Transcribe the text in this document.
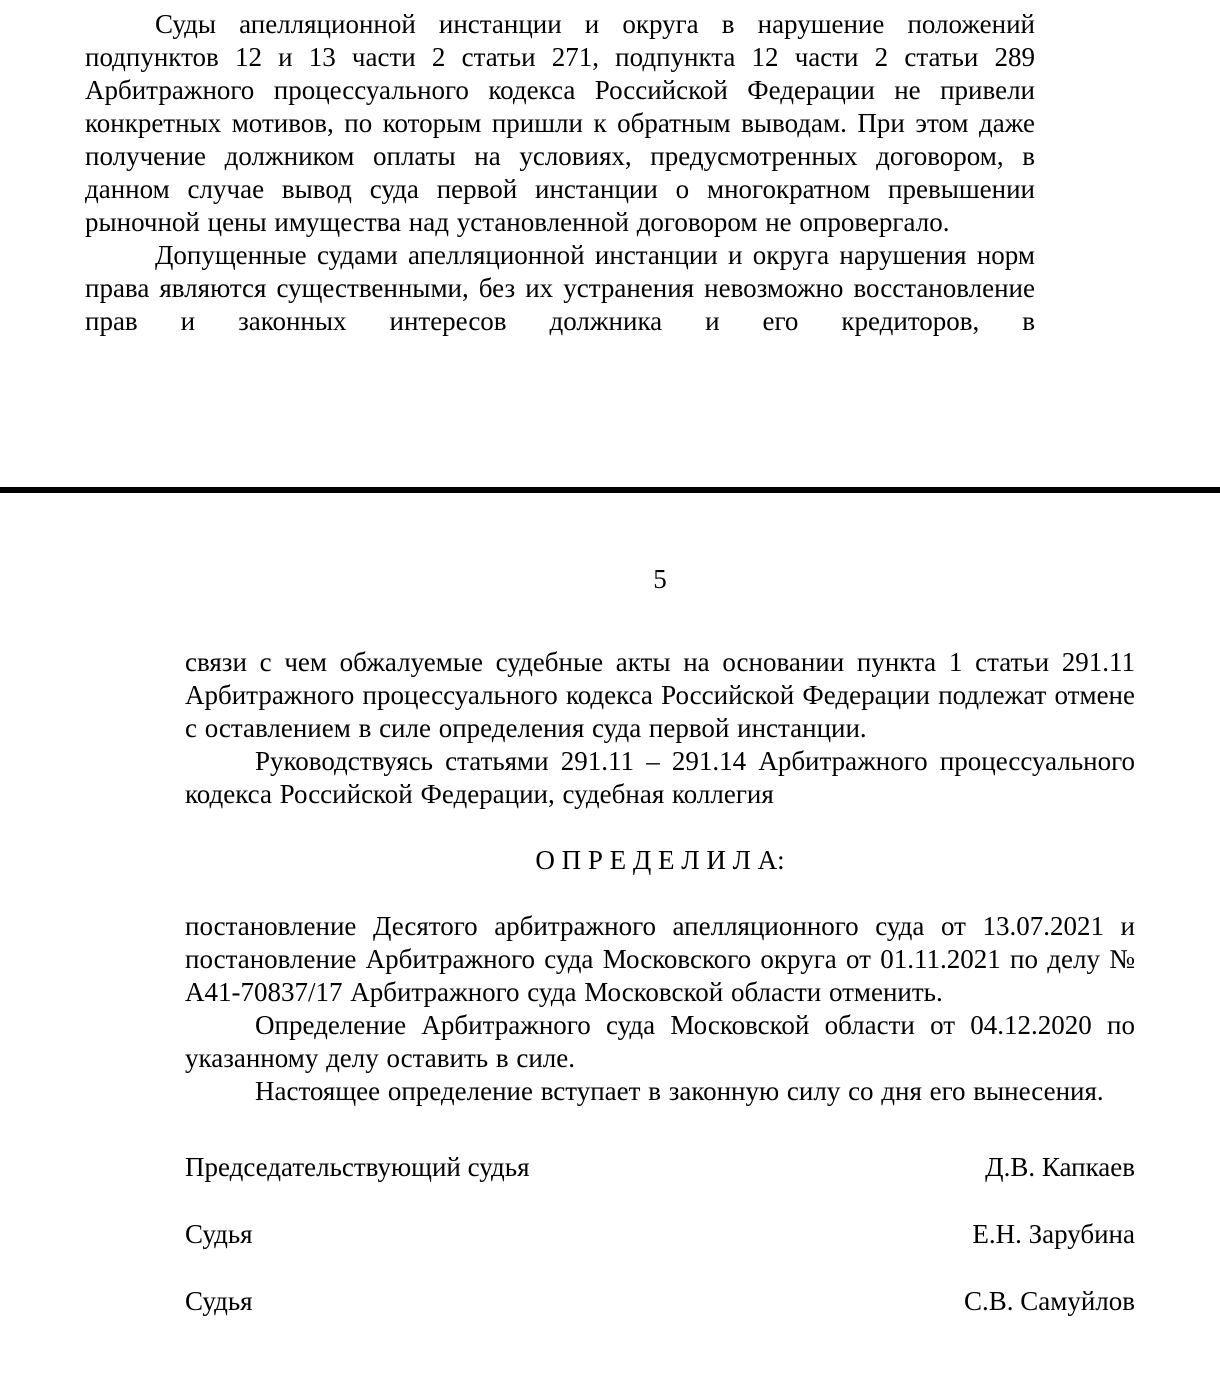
Суды апелляционной инстанции и округа в нарушение положений подпунктов 12 и 13 части 2 статьи 271, подпункта 12 части 2 статьи 289 Арбитражного процессуального кодекса Российской Федерации не привели конкретных мотивов, по которым пришли к обратным выводам. При этом даже получение должником оплаты на условиях, предусмотренных договором, в данном случае вывод суда первой инстанции о многократном превышении рыночной цены имущества над установленной договором не опровергало.

Допущенные судами апелляционной инстанции и округа нарушения норм права являются существенными, без их устранения невозможно восстановление прав и законных интересов должника и его кредиторов, в

5

связи с чем обжалуемые судебные акты на основании пункта 1 статьи 291.11 Арбитражного процессуального кодекса Российской Федерации подлежат отмене с оставлением в силе определения суда первой инстанции.

Руководствуясь статьями 291.11 – 291.14 Арбитражного процессуального кодекса Российской Федерации, судебная коллегия

О П Р Е Д Е Л И Л А:

постановление Десятого арбитражного апелляционного суда от 13.07.2021 и постановление Арбитражного суда Московского округа от 01.11.2021 по делу № А41-70837/17 Арбитражного суда Московской области отменить.

Определение Арбитражного суда Московской области от 04.12.2020 по указанному делу оставить в силе.

Настоящее определение вступает в законную силу со дня его вынесения.

Председательствующий судья	Д.В. Капкаев
Судья	Е.Н. Зарубина
Судья	С.В. Самуйлов
